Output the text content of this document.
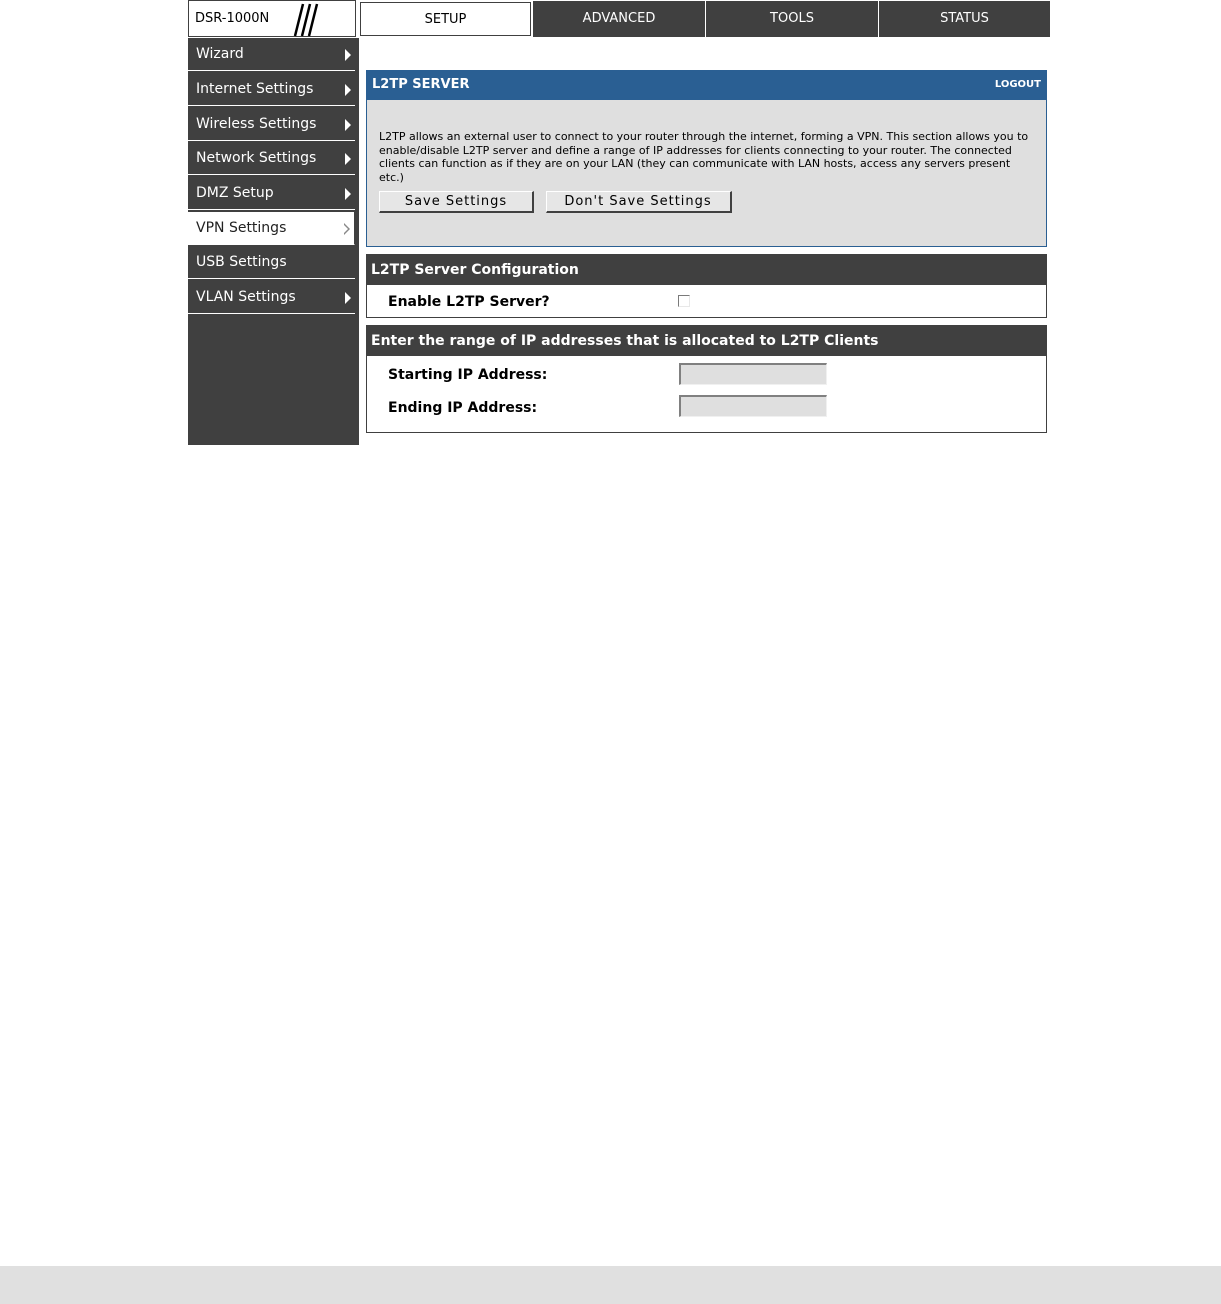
DSR-1000N	SETUP	ADVANCED	TOOLS	STATUS
Wizard
Internet Settings
Wireless Settings
Network Settings
DMZ Setup
VPN Settings
USB Settings
VLAN Settings
L2TP SERVER	LOGOUT
L2TP allows an external user to connect to your router through the internet, forming a VPN. This section allows you to enable/disable L2TP server and define a range of IP addresses for clients connecting to your router. The connected clients can function as if they are on your LAN (they can communicate with LAN hosts, access any servers present etc.)
Save Settings	Don't Save Settings
L2TP Server Configuration
Enable L2TP Server?
Enter the range of IP addresses that is allocated to L2TP Clients
Starting IP Address:
Ending IP Address:
